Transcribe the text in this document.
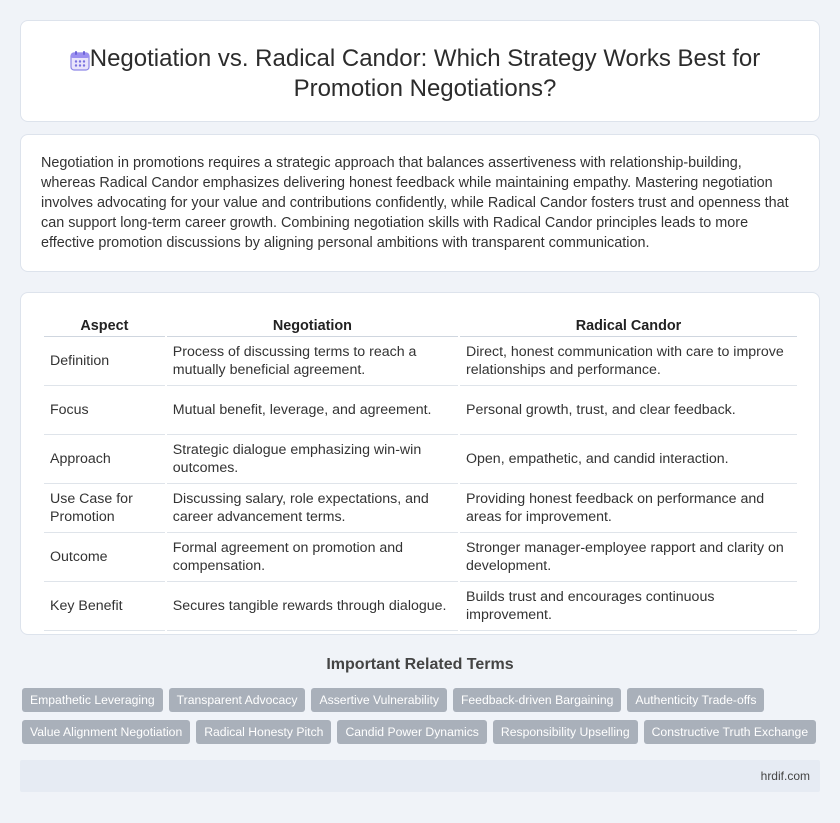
Negotiation vs. Radical Candor: Which Strategy Works Best for Promotion Negotiations?

Negotiation in promotions requires a strategic approach that balances assertiveness with relationship-building, whereas Radical Candor emphasizes delivering honest feedback while maintaining empathy. Mastering negotiation involves advocating for your value and contributions confidently, while Radical Candor fosters trust and openness that can support long-term career growth. Combining negotiation skills with Radical Candor principles leads to more effective promotion discussions by aligning personal ambitions with transparent communication.

Aspect	Negotiation	Radical Candor
Definition	Process of discussing terms to reach a mutually beneficial agreement.	Direct, honest communication with care to improve relationships and performance.
Focus	Mutual benefit, leverage, and agreement.	Personal growth, trust, and clear feedback.
Approach	Strategic dialogue emphasizing win-win outcomes.	Open, empathetic, and candid interaction.
Use Case for Promotion	Discussing salary, role expectations, and career advancement terms.	Providing honest feedback on performance and areas for improvement.
Outcome	Formal agreement on promotion and compensation.	Stronger manager-employee rapport and clarity on development.
Key Benefit	Secures tangible rewards through dialogue.	Builds trust and encourages continuous improvement.
Important Related Terms
Empathetic Leveraging	Transparent Advocacy	Assertive Vulnerability	Feedback-driven Bargaining	Authenticity Trade-offs
Value Alignment Negotiation	Radical Honesty Pitch	Candid Power Dynamics	Responsibility Upselling	Constructive Truth Exchange
hrdif.com
